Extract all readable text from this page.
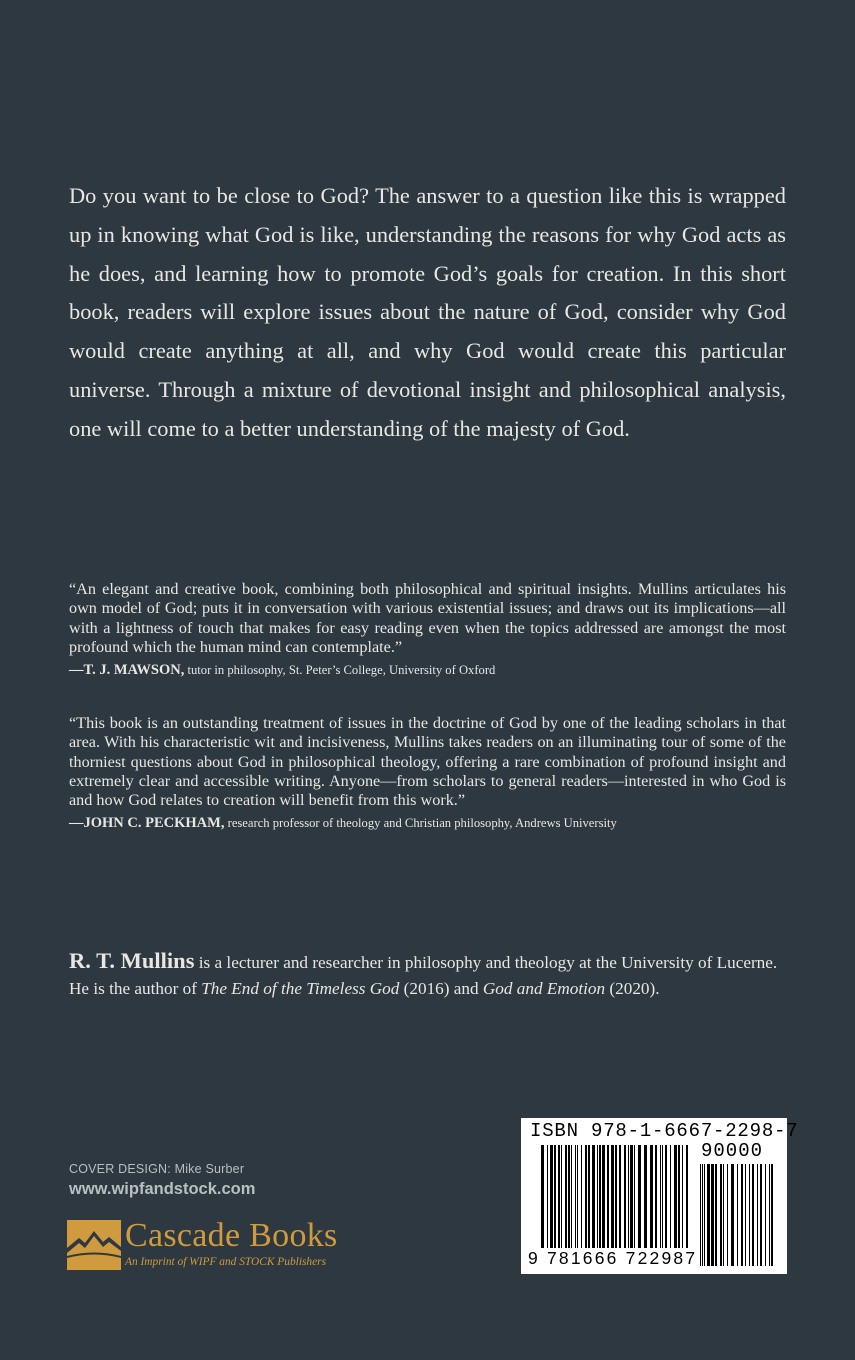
Do you want to be close to God? The answer to a question like this is wrapped up in knowing what God is like, understanding the reasons for why God acts as he does, and learning how to promote God’s goals for creation. In this short book, readers will explore issues about the nature of God, consider why God would create anything at all, and why God would create this particular universe. Through a mixture of devotional insight and philosophical analysis, one will come to a better understanding of the majesty of God.

“An elegant and creative book, combining both philosophical and spiritual insights. Mullins articulates his own model of God; puts it in conversation with various existential issues; and draws out its implications—all with a lightness of touch that makes for easy reading even when the topics addressed are amongst the most profound which the human mind can contemplate.”

—T. J. MAWSON, tutor in philosophy, St. Peter’s College, University of Oxford

“This book is an outstanding treatment of issues in the doctrine of God by one of the leading scholars in that area. With his characteristic wit and incisiveness, Mullins takes readers on an illuminating tour of some of the thorniest questions about God in philosophical theology, offering a rare combination of profound insight and extremely clear and accessible writing. Anyone—from scholars to general readers—interested in who God is and how God relates to creation will benefit from this work.”

—JOHN C. PECKHAM, research professor of theology and Christian philosophy, Andrews University

R. T. Mullins is a lecturer and researcher in philosophy and theology at the University of Lucerne. He is the author of The End of the Timeless God (2016) and God and Emotion (2020).

COVER DESIGN: Mike Surber
www.wipfandstock.com
Cascade Books
An Imprint of WIPF and STOCK Publishers
ISBN 978-1-6667-2298-7
90000
9 781666 722987
